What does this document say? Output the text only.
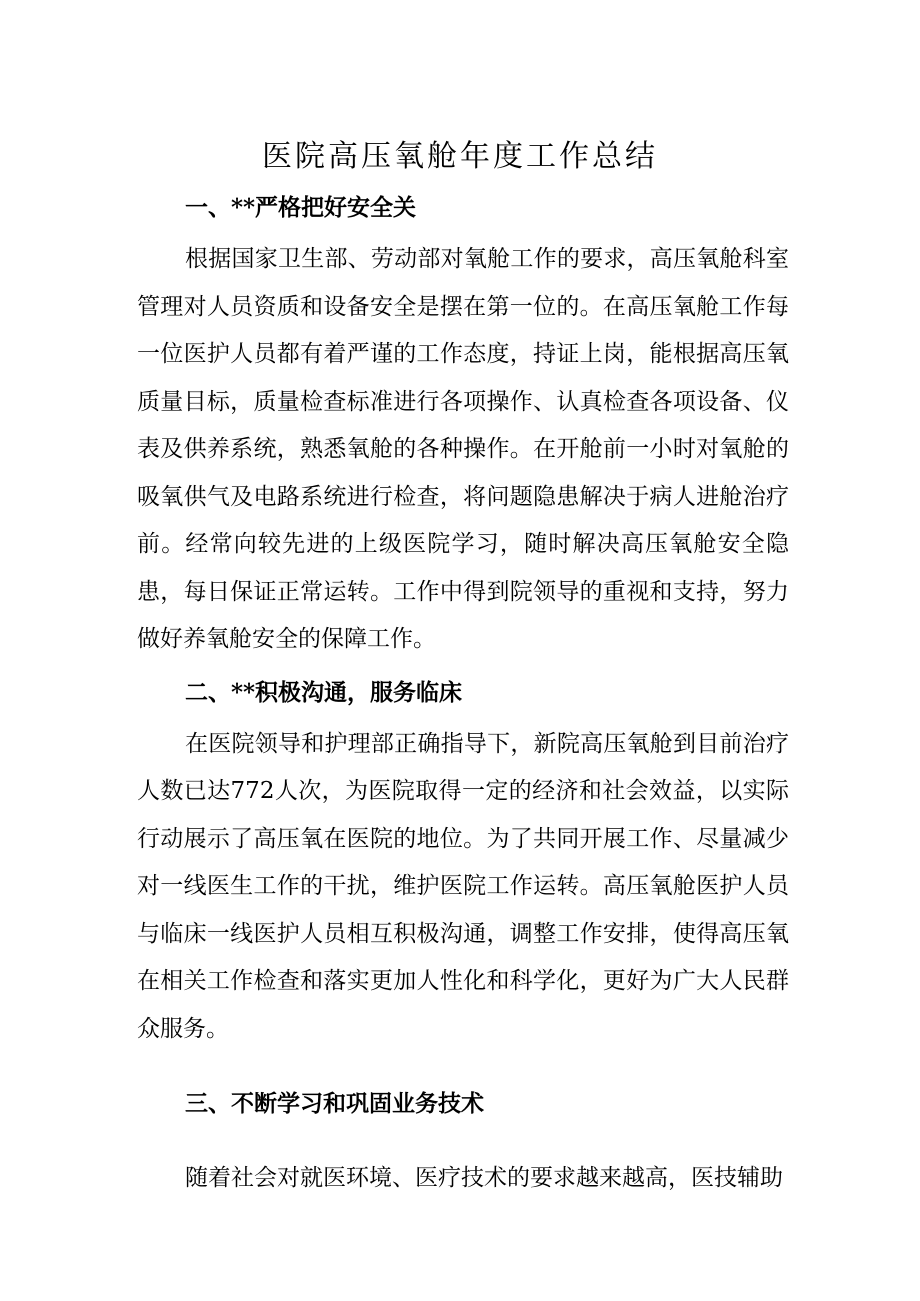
医院高压氧舱年度工作总结
一、**严格把好安全关

根据国家卫生部、劳动部对氧舱工作的要求，高压氧舱科室管理对人员资质和设备安全是摆在第一位的。在高压氧舱工作每一位医护人员都有着严谨的工作态度，持证上岗，能根据高压氧质量目标，质量检查标准进行各项操作、认真检查各项设备、仪表及供养系统，熟悉氧舱的各种操作。在开舱前一小时对氧舱的吸氧供气及电路系统进行检查，将问题隐患解决于病人进舱治疗前。经常向较先进的上级医院学习，随时解决高压氧舱安全隐患，每日保证正常运转。工作中得到院领导的重视和支持，努力做好养氧舱安全的保障工作。

二、**积极沟通，服务临床

在医院领导和护理部正确指导下，新院高压氧舱到目前治疗人数已达772人次，为医院取得一定的经济和社会效益，以实际行动展示了高压氧在医院的地位。为了共同开展工作、尽量减少对一线医生工作的干扰，维护医院工作运转。高压氧舱医护人员与临床一线医护人员相互积极沟通，调整工作安排，使得高压氧在相关工作检查和落实更加人性化和科学化，更好为广大人民群众服务。

三、不断学习和巩固业务技术

随着社会对就医环境、医疗技术的要求越来越高，医技辅助
